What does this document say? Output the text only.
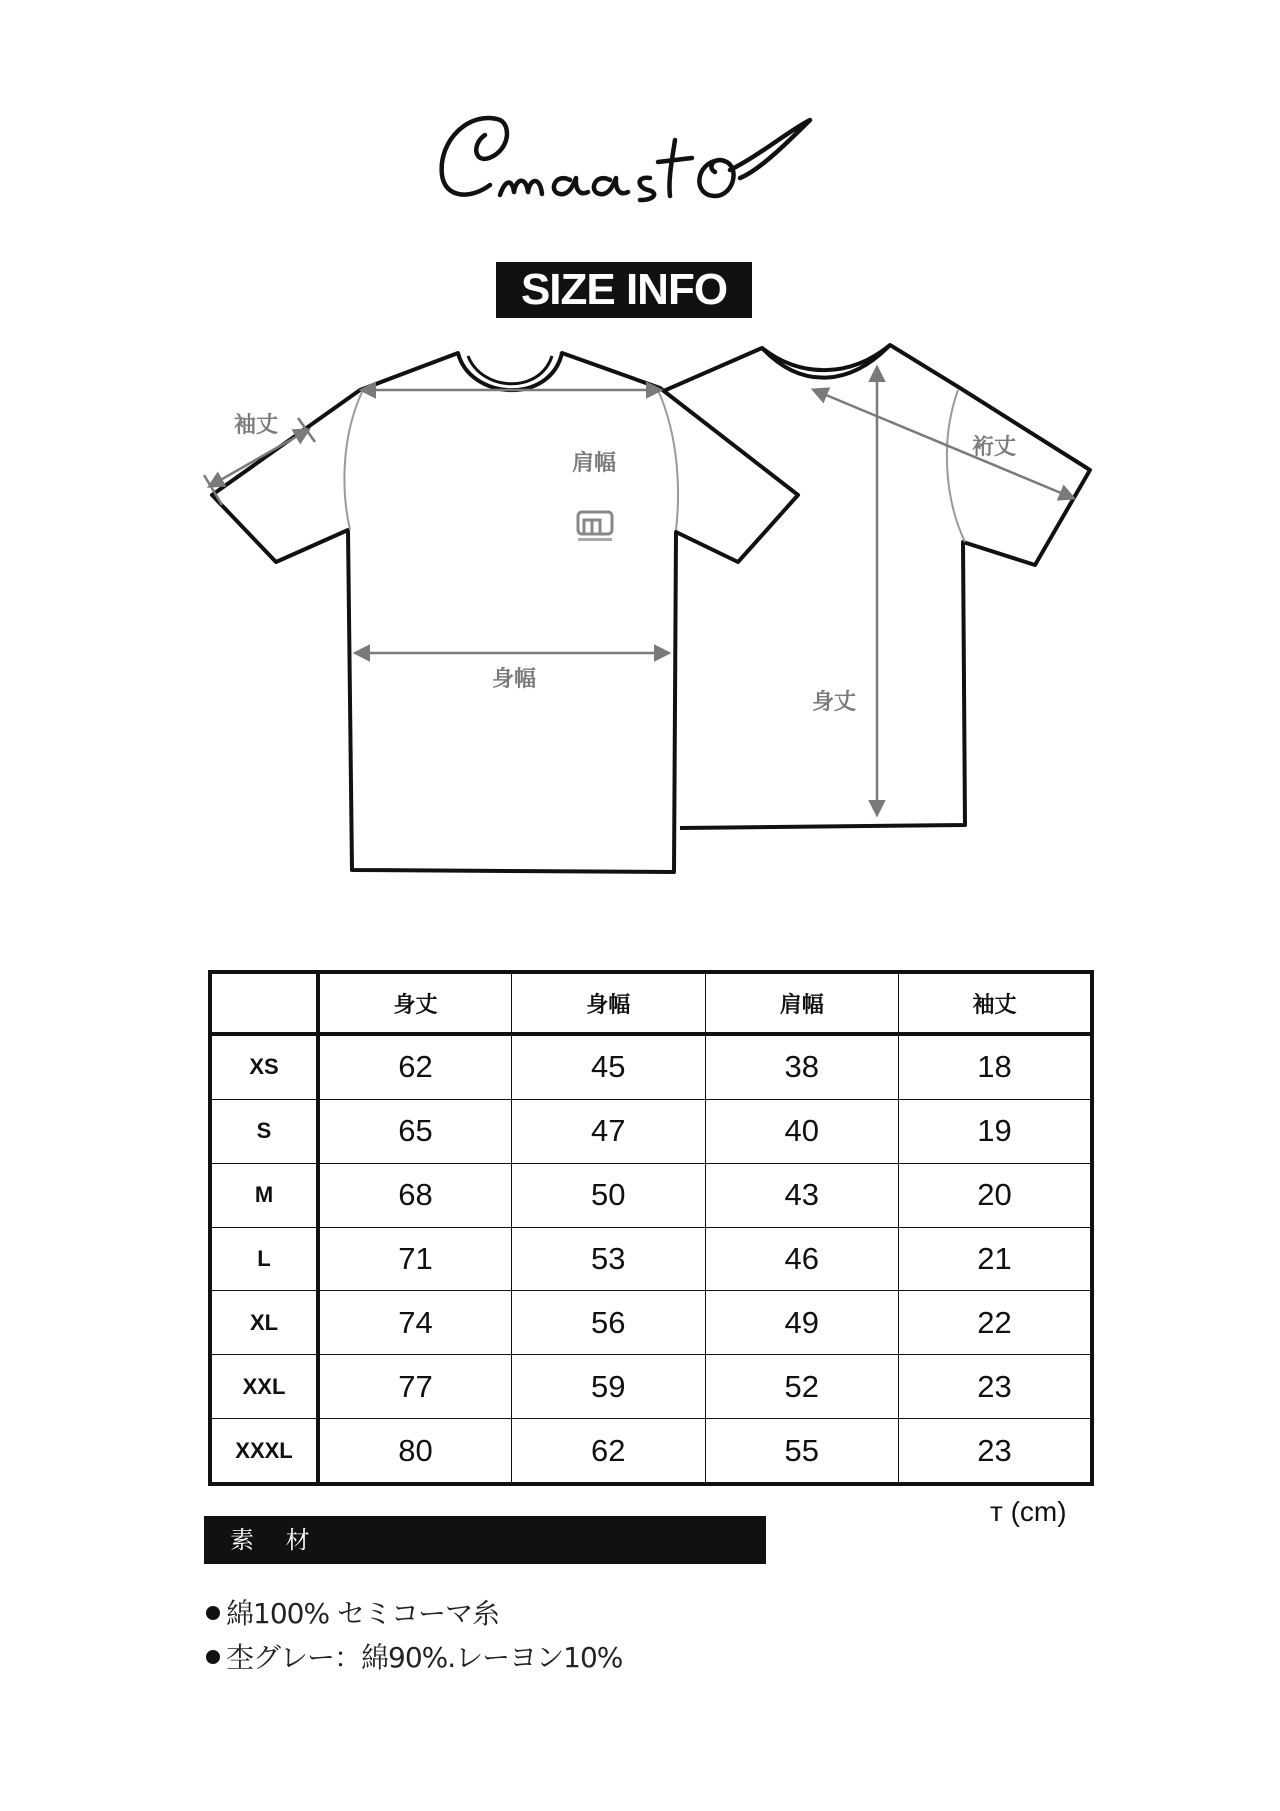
SIZE INFO
袖丈
肩幅
身幅
裄丈
身丈
	身丈	身幅	肩幅	袖丈
XS	62	45	38	18
S	65	47	40	19
M	68	50	43	20
L	71	53	46	21
XL	74	56	49	22
XXL	77	59	52	23
XXXL	80	62	55	23
ᴛ (cm)
素 材
綿100% セミコーマ糸
杢グレー：綿90%.レーヨン10%
